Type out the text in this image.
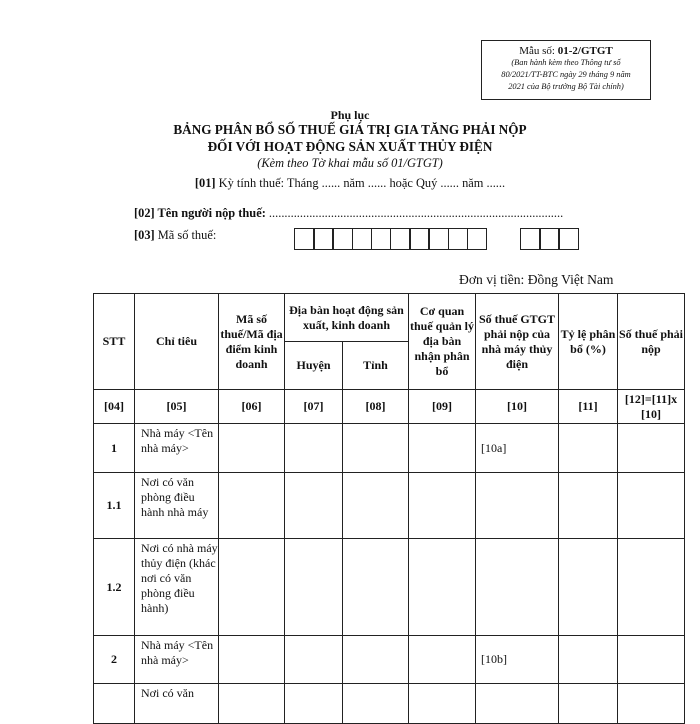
Mẫu số: 01-2/GTGT
(Ban hành kèm theo Thông tư số
80/2021/TT-BTC ngày 29 tháng 9 năm
2021 của Bộ trưởng Bộ Tài chính)
Phụ lục
BẢNG PHÂN BỔ SỐ THUẾ GIÁ TRỊ GIA TĂNG PHẢI NỘP
ĐỐI VỚI HOẠT ĐỘNG SẢN XUẤT THỦY ĐIỆN
(Kèm theo Tờ khai mẫu số 01/GTGT)
[01] Kỳ tính thuế: Tháng ...... năm ...... hoặc Quý ...... năm ......
[02] Tên người nộp thuế: ...............................................................................................
[03] Mã số thuế:
Đơn vị tiền: Đồng Việt Nam
STT	Chỉ tiêu	Mã số thuế/Mã địa điểm kinh doanh	Địa bàn hoạt động sản xuất, kinh doanh		Cơ quan thuế quản lý địa bàn nhận phân bổ	Số thuế GTGT phải nộp của nhà máy thủy điện	Tỷ lệ phân bổ (%)	Số thuế phải nộp
			Huyện	Tỉnh				
[04]	[05]	[06]	[07]	[08]	[09]	[10]	[11]	[12]=[11]x [10]
1	Nhà máy <Tên nhà máy>					[10a]		
1.1	Nơi có văn phòng điều hành nhà máy							
1.2	Nơi có nhà máy thủy điện (khác nơi có văn phòng điều hành)							
2	Nhà máy <Tên nhà máy>					[10b]		
	Nơi có văn							
